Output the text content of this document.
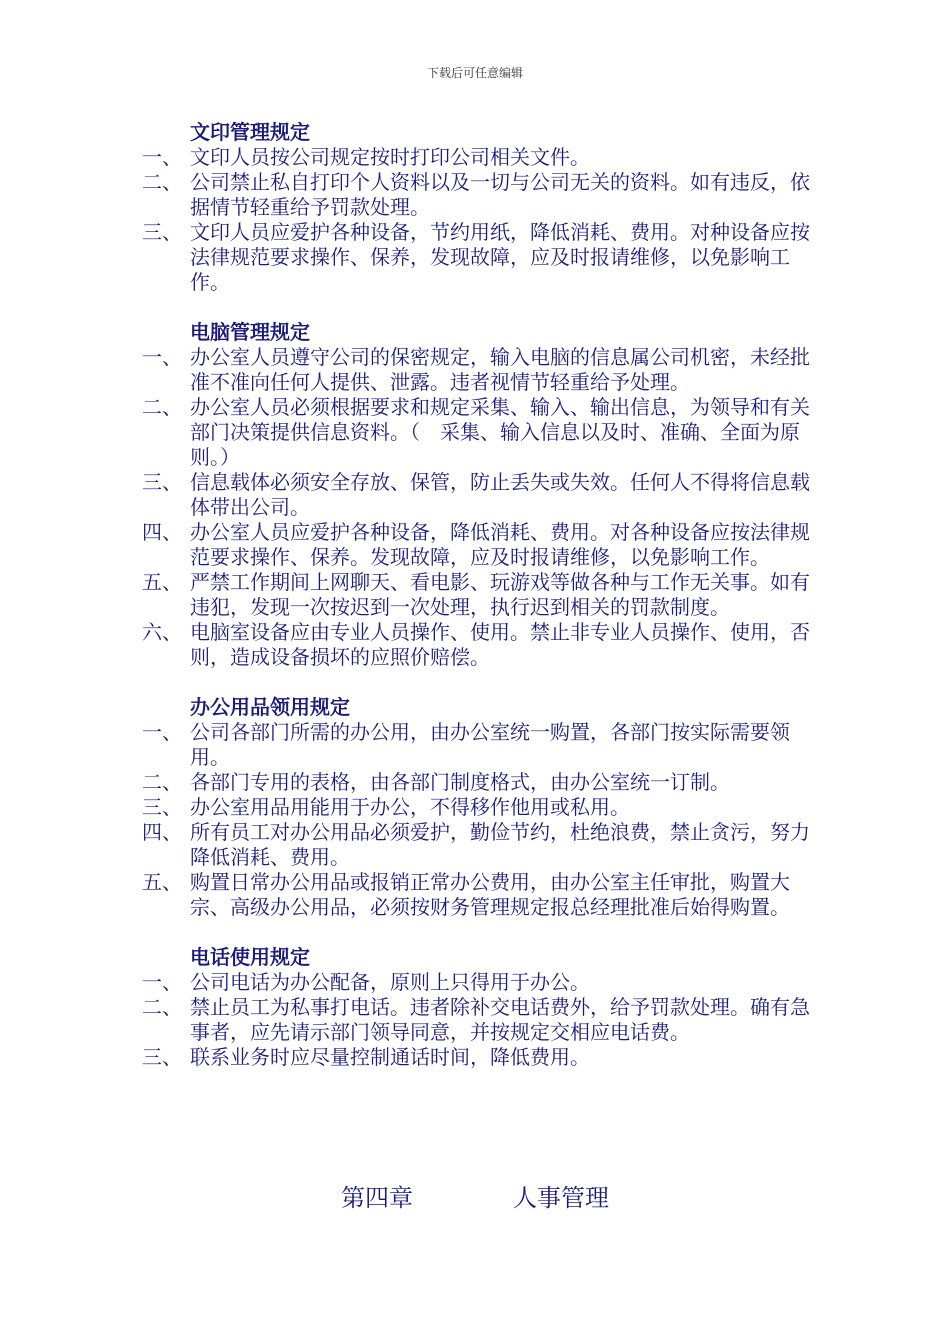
下载后可任意编辑
文印管理规定
一、 文印人员按公司规定按时打印公司相关文件。
二、 公司禁止私自打印个人资料以及一切与公司无关的资料。如有违反，依据情节轻重给予罚款处理。
三、 文印人员应爱护各种设备，节约用纸，降低消耗、费用。对种设备应按法律规范要求操作、保养，发现故障，应及时报请维修，以免影响工作。
电脑管理规定
一、 办公室人员遵守公司的保密规定，输入电脑的信息属公司机密，未经批准不准向任何人提供、泄露。违者视情节轻重给予处理。
二、 办公室人员必须根据要求和规定采集、输入、输出信息，为领导和有关部门决策提供信息资料。（　采集、输入信息以及时、准确、全面为原则。）
三、 信息载体必须安全存放、保管，防止丢失或失效。任何人不得将信息载体带出公司。
四、 办公室人员应爱护各种设备，降低消耗、费用。对各种设备应按法律规范要求操作、保养。发现故障，应及时报请维修，以免影响工作。
五、 严禁工作期间上网聊天、看电影、玩游戏等做各种与工作无关事。如有违犯，发现一次按迟到一次处理，执行迟到相关的罚款制度。
六、 电脑室设备应由专业人员操作、使用。禁止非专业人员操作、使用，否则，造成设备损坏的应照价赔偿。
办公用品领用规定
一、 公司各部门所需的办公用，由办公室统一购置，各部门按实际需要领用。
二、 各部门专用的表格，由各部门制度格式，由办公室统一订制。
三、 办公室用品用能用于办公，不得移作他用或私用。
四、 所有员工对办公用品必须爱护，勤俭节约，杜绝浪费，禁止贪污，努力降低消耗、费用。
五、 购置日常办公用品或报销正常办公费用，由办公室主任审批，购置大宗、高级办公用品，必须按财务管理规定报总经理批准后始得购置。
电话使用规定
一、 公司电话为办公配备，原则上只得用于办公。
二、 禁止员工为私事打电话。违者除补交电话费外，给予罚款处理。确有急事者，应先请示部门领导同意，并按规定交相应电话费。
三、 联系业务时应尽量控制通话时间，降低费用。
第四章	人事管理
